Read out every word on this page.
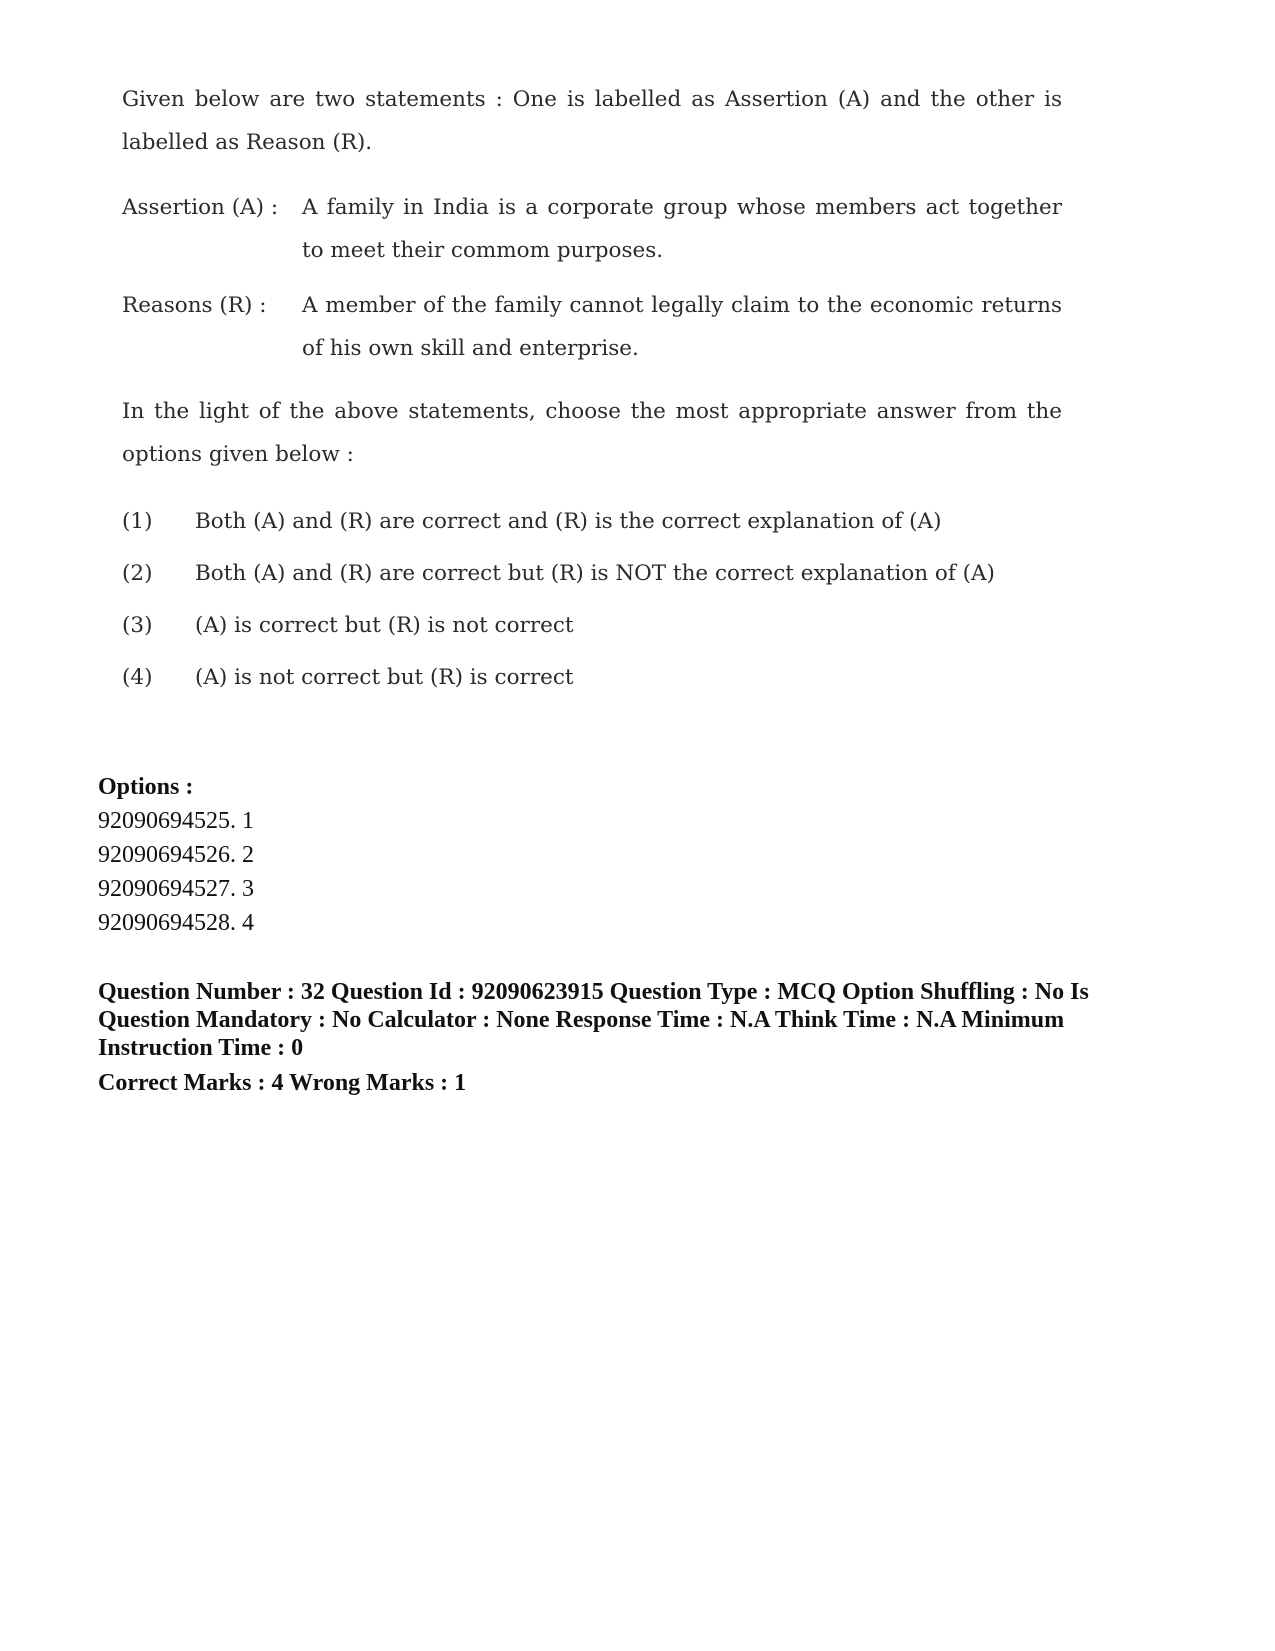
Given below are two statements : One is labelled as Assertion (A) and the other is labelled as Reason (R).

Assertion (A) :	A family in India is a corporate group whose members act together to meet their commom purposes.
Reasons (R) :	A member of the family cannot legally claim to the economic returns of his own skill and enterprise.

In the light of the above statements, choose the most appropriate answer from the options given below :

(1)	Both (A) and (R) are correct and (R) is the correct explanation of (A)
(2)	Both (A) and (R) are correct but (R) is NOT the correct explanation of (A)
(3)	(A) is correct but (R) is not correct
(4)	(A) is not correct but (R) is correct

Options :

92090694525. 1
92090694526. 2
92090694527. 3
92090694528. 4
Question Number : 32 Question Id : 92090623915 Question Type : MCQ Option Shuffling : No Is Question Mandatory : No Calculator : None Response Time : N.A Think Time : N.A Minimum Instruction Time : 0
Correct Marks : 4 Wrong Marks : 1
